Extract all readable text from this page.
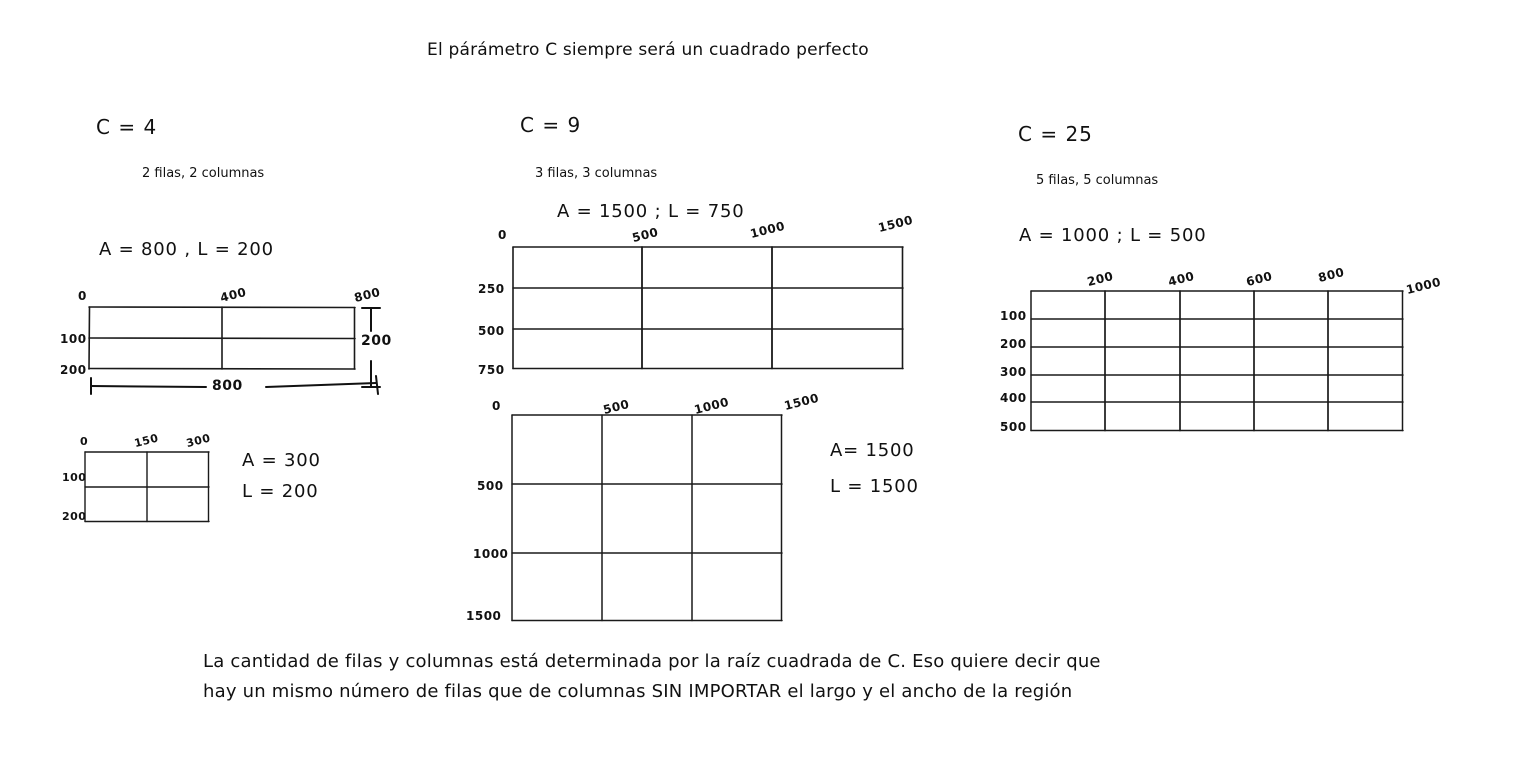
El párámetro C siempre será un cuadrado perfecto
C = 4
2 filas, 2 columnas
A = 800 , L = 200
0	400	800
100
200
800
200
0	150 300
100
200
A = 300
L = 200
C = 9
3 filas, 3 columnas
A = 1500 ; L = 750
0	500	1000	1500
250
500
750
0	500	1000	1500
500
1000
1500
A= 1500
L = 1500
C = 25
5 filas, 5 columnas
A = 1000 ; L = 500
200	400	600	800	1000
100
200
300
400
500
La cantidad de filas y columnas está determinada por la raíz cuadrada de C. Eso quiere decir que
hay un mismo número de filas que de columnas SIN IMPORTAR el largo y el ancho de la región
